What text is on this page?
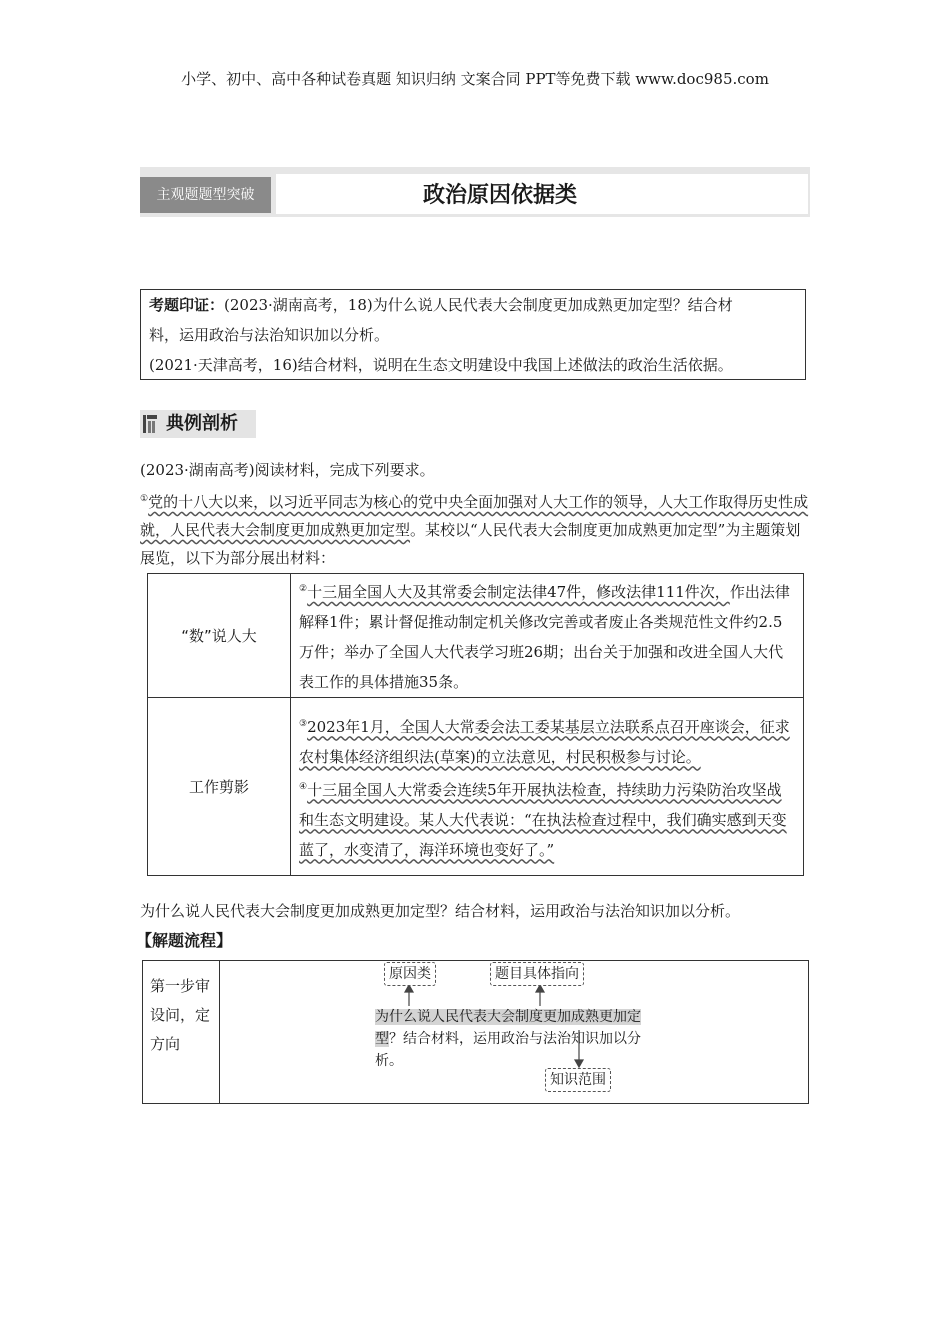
小学、初中、高中各种试卷真题 知识归纳 文案合同 PPT等免费下载 www.doc985.com
主观题题型突破	政治原因依据类
考题印证：(2023·湖南高考，18)为什么说人民代表大会制度更加成熟更加定型？结合材
料，运用政治与法治知识加以分析。
(2021·天津高考，16)结合材料，说明在生态文明建设中我国上述做法的政治生活依据。
典例剖析
(2023·湖南高考)阅读材料，完成下列要求。
①党的十八大以来，以习近平同志为核心的党中央全面加强对人大工作的领导，人大工作取得历史性成就，人民代表大会制度更加成熟更加定型。某校以“人民代表大会制度更加成熟更加定型”为主题策划展览，以下为部分展出材料：
“数”说人大	②十三届全国人大及其常委会制定法律47件，修改法律111件次，作出法律解释1件；累计督促推动制定机关修改完善或者废止各类规范性文件约2.5万件；举办了全国人大代表学习班26期；出台关于加强和改进全国人大代表工作的具体措施35条。
工作剪影	③2023年1月，全国人大常委会法工委某基层立法联系点召开座谈会，征求农村集体经济组织法(草案)的立法意见，村民积极参与讨论。
④十三届全国人大常委会连续5年开展执法检查，持续助力污染防治攻坚战和生态文明建设。某人大代表说：“在执法检查过程中，我们确实感到天变蓝了，水变清了，海洋环境也变好了。”
为什么说人民代表大会制度更加成熟更加定型？结合材料，运用政治与法治知识加以分析。
【解题流程】
第一步审设问，定方向
原因类	题目具体指向
为什么说人民代表大会制度更加成熟更加定型？结合材料，运用政治与法治知识加以分析。
知识范围
